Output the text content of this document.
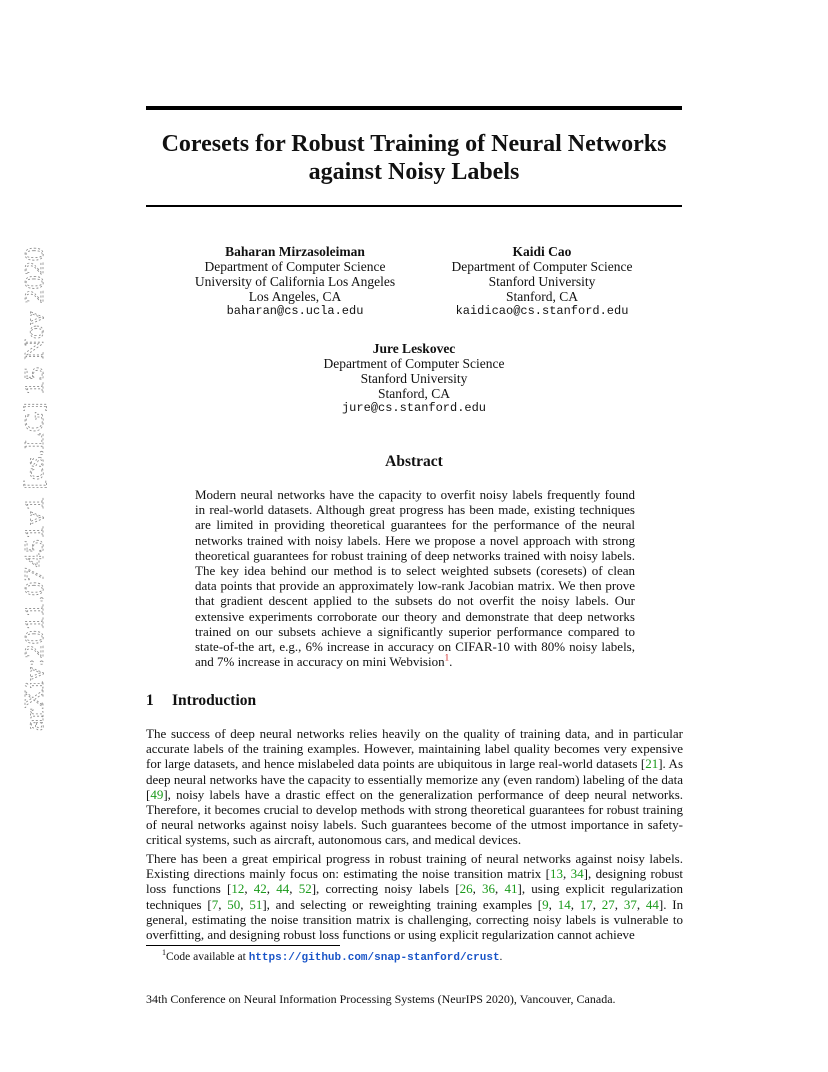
arXiv:2011.07451v1 [cs.LG] 15 Nov 2020
Coresets for Robust Training of Neural Networks
against Noisy Labels
Baharan Mirzasoleiman
Department of Computer Science
University of California Los Angeles
Los Angeles, CA
baharan@cs.ucla.edu
Kaidi Cao
Department of Computer Science
Stanford University
Stanford, CA
kaidicao@cs.stanford.edu
Jure Leskovec
Department of Computer Science
Stanford University
Stanford, CA
jure@cs.stanford.edu
Abstract
Modern neural networks have the capacity to overfit noisy labels frequently found in real-world datasets. Although great progress has been made, existing techniques are limited in providing theoretical guarantees for the performance of the neural networks trained with noisy labels. Here we propose a novel approach with strong theoretical guarantees for robust training of deep networks trained with noisy labels. The key idea behind our method is to select weighted subsets (coresets) of clean data points that provide an approximately low-rank Jacobian matrix. We then prove that gradient descent applied to the subsets do not overfit the noisy labels. Our extensive experiments corroborate our theory and demonstrate that deep networks trained on our subsets achieve a significantly superior performance compared to state-of-the art, e.g., 6% increase in accuracy on CIFAR-10 with 80% noisy labels, and 7% increase in accuracy on mini Webvision$^1$.
1 Introduction
The success of deep neural networks relies heavily on the quality of training data, and in particular accurate labels of the training examples. However, maintaining label quality becomes very expensive for large datasets, and hence mislabeled data points are ubiquitous in large real-world datasets [21]. As deep neural networks have the capacity to essentially memorize any (even random) labeling of the data [49], noisy labels have a drastic effect on the generalization performance of deep neural networks. Therefore, it becomes crucial to develop methods with strong theoretical guarantees for robust training of neural networks against noisy labels. Such guarantees become of the utmost importance in safety-critical systems, such as aircraft, autonomous cars, and medical devices.
There has been a great empirical progress in robust training of neural networks against noisy labels. Existing directions mainly focus on: estimating the noise transition matrix [13, 34], designing robust loss functions [12, 42, 44, 52], correcting noisy labels [26, 36, 41], using explicit regularization techniques [7, 50, 51], and selecting or reweighting training examples [9, 14, 17, 27, 37, 44]. In general, estimating the noise transition matrix is challenging, correcting noisy labels is vulnerable to overfitting, and designing robust loss functions or using explicit regularization cannot achieve
$^1$Code available at https://github.com/snap-stanford/crust.
34th Conference on Neural Information Processing Systems (NeurIPS 2020), Vancouver, Canada.
